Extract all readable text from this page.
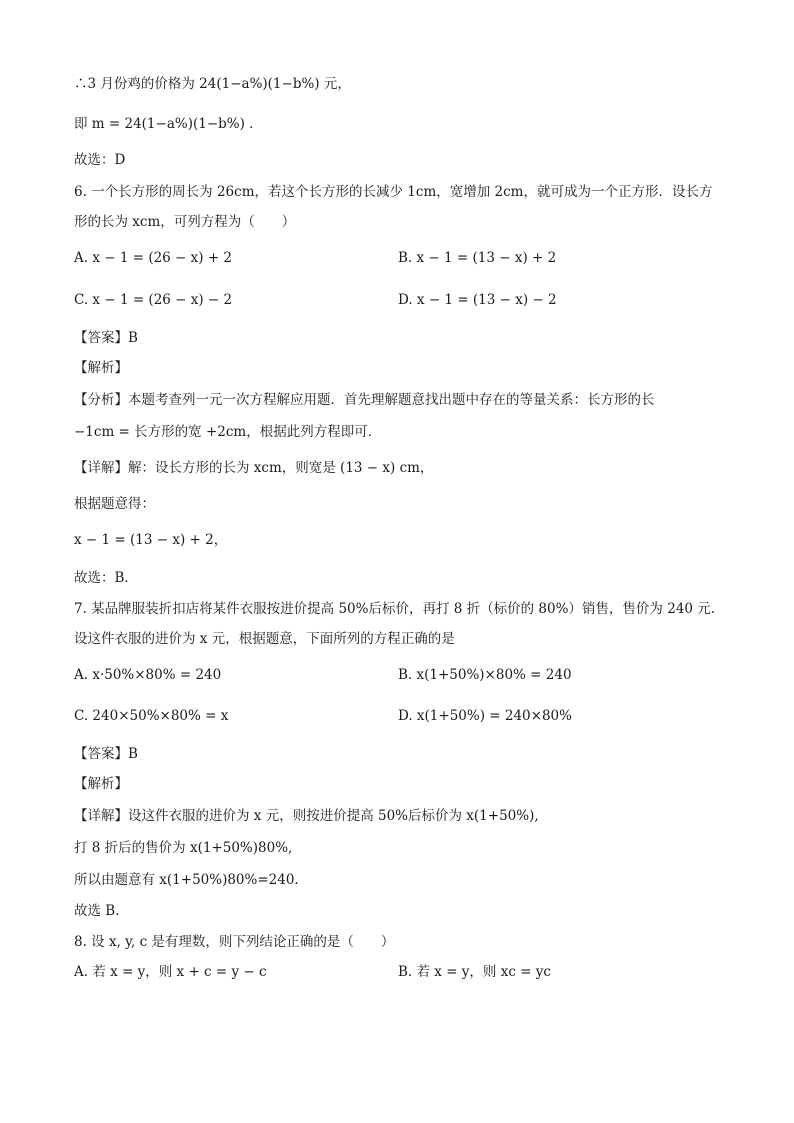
∴3 月份鸡的价格为 24(1−a%)(1−b%) 元，
即 m = 24(1−a%)(1−b%) ．
故选：D
6. 一个长方形的周长为 26cm，若这个长方形的长减少 1cm，宽增加 2cm，就可成为一个正方形．设长方
形的长为 xcm，可列方程为（　　）
A. x − 1 = (26 − x) + 2	B. x − 1 = (13 − x) + 2
C. x − 1 = (26 − x) − 2	D. x − 1 = (13 − x) − 2
【答案】B
【解析】
【分析】本题考查列一元一次方程解应用题．首先理解题意找出题中存在的等量关系：长方形的长
−1cm = 长方形的宽 +2cm，根据此列方程即可．
【详解】解：设长方形的长为 xcm，则宽是 (13 − x) cm，
根据题意得：
x − 1 = (13 − x) + 2，
故选：B．
7. 某品牌服装折扣店将某件衣服按进价提高 50%后标价，再打 8 折（标价的 80%）销售，售价为 240 元.
设这件衣服的进价为 x 元，根据题意，下面所列的方程正确的是
A. x·50%×80% = 240	B. x(1+50%)×80% = 240
C. 240×50%×80% = x	D. x(1+50%) = 240×80%
【答案】B
【解析】
【详解】设这件衣服的进价为 x 元，则按进价提高 50%后标价为 x(1+50%),
打 8 折后的售价为 x(1+50%)80%,
所以由题意有 x(1+50%)80%=240.
故选 B.
8. 设 x, y, c 是有理数，则下列结论正确的是（　　）
A. 若 x = y，则 x + c = y − c	B. 若 x = y，则 xc = yc
